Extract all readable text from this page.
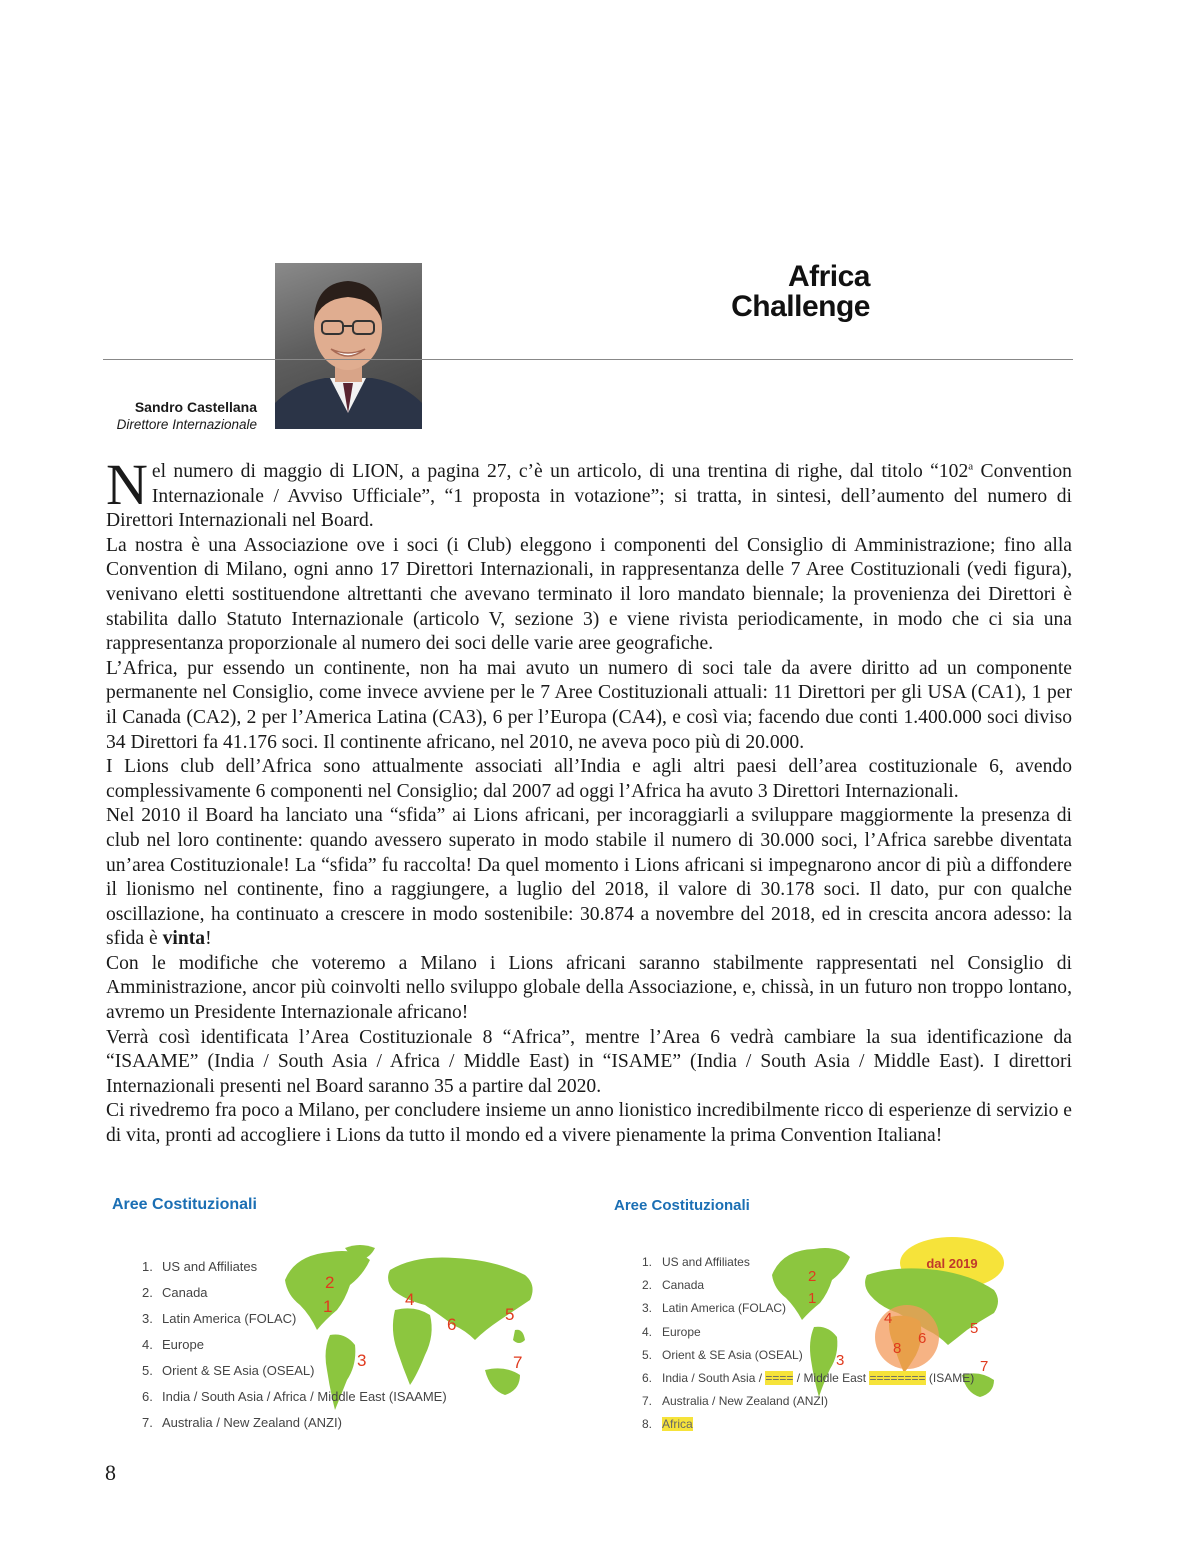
Africa
Challenge
Sandro Castellana
Direttore Internazionale

Nel numero di maggio di LION, a pagina 27, c’è un articolo, di una trentina di righe, dal titolo “102$^a$ Convention Internazionale / Avviso Ufficiale”, “1 proposta in votazione”; si tratta, in sintesi, dell’aumento del numero di Direttori Internazionali nel Board.

La nostra è una Associazione ove i soci (i Club) eleggono i componenti del Consiglio di Amministrazione; fino alla Convention di Milano, ogni anno 17 Direttori Internazionali, in rappresentanza delle 7 Aree Costituzionali (vedi figura), venivano eletti sostituendone altrettanti che avevano terminato il loro mandato biennale; la provenienza dei Direttori è stabilita dallo Statuto Internazionale (articolo V, sezione 3) e viene rivista periodicamente, in modo che ci sia una rappresentanza proporzionale al numero dei soci delle varie aree geografiche.

L’Africa, pur essendo un continente, non ha mai avuto un numero di soci tale da avere diritto ad un componente permanente nel Consiglio, come invece avviene per le 7 Aree Costituzionali attuali: 11 Direttori per gli USA (CA1), 1 per il Canada (CA2), 2 per l’America Latina (CA3), 6 per l’Europa (CA4), e così via; facendo due conti 1.400.000 soci diviso 34 Direttori fa 41.176 soci. Il continente africano, nel 2010, ne aveva poco più di 20.000.

I Lions club dell’Africa sono attualmente associati all’India e agli altri paesi dell’area costituzionale 6, avendo complessivamente 6 componenti nel Consiglio; dal 2007 ad oggi l’Africa ha avuto 3 Direttori Internazionali.

Nel 2010 il Board ha lanciato una “sfida” ai Lions africani, per incoraggiarli a sviluppare maggiormente la presenza di club nel loro continente: quando avessero superato in modo stabile il numero di 30.000 soci, l’Africa sarebbe diventata un’area Costituzionale! La “sfida” fu raccolta! Da quel momento i Lions africani si impegnarono ancor di più a diffondere il lionismo nel continente, fino a raggiungere, a luglio del 2018, il valore di 30.178 soci. Il dato, pur con qualche oscillazione, ha continuato a crescere in modo sostenibile: 30.874 a novembre del 2018, ed in crescita ancora adesso: la sfida è vinta!

Con le modifiche che voteremo a Milano i Lions africani saranno stabilmente rappresentati nel Consiglio di Amministrazione, ancor più coinvolti nello sviluppo globale della Associazione, e, chissà, in un futuro non troppo lontano, avremo un Presidente Internazionale africano!

Verrà così identificata l’Area Costituzionale 8 “Africa”, mentre l’Area 6 vedrà cambiare la sua identificazione da “ISAAME” (India / South Asia / Africa / Middle East) in “ISAME” (India / South Asia / Middle East). I direttori Internazionali presenti nel Board saranno 35 a partire dal 2020.

Ci rivedremo fra poco a Milano, per concludere insieme un anno lionistico incredibilmente ricco di esperienze di servizio e di vita, pronti ad accogliere i Lions da tutto il mondo ed a vivere pienamente la prima Convention Italiana!

Aree Costituzionali
1
2
3
4
5
6
7
1. US and Affiliates
2. Canada
3. Latin America (FOLAC)
4. Europe
5. Orient & SE Asia (OSEAL)
6. India / South Asia / Africa / Middle East (ISAAME)
7. Australia / New Zealand (ANZI)
Aree Costituzionali
dal 2019
1
2
3
4
5
6
7
8
1. US and Affiliates
2. Canada
3. Latin America (FOLAC)
4. Europe
5. Orient & SE Asia (OSEAL)
6. India / South Asia / ==== / Middle East ======== (ISAME)
7. Australia / New Zealand (ANZI)
8. Africa
8
